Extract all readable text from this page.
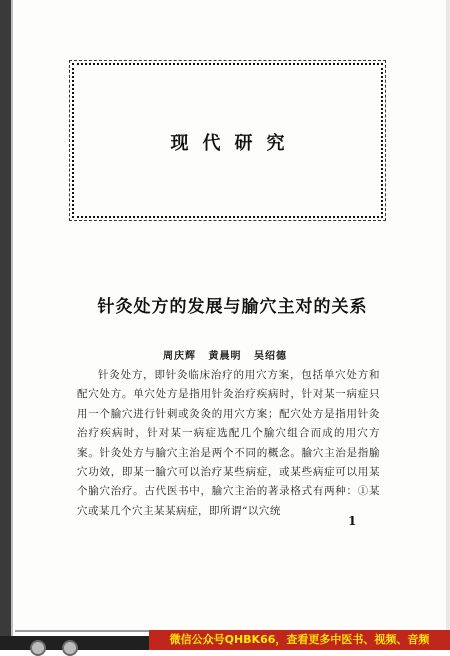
现代研究
针灸处方的发展与腧穴主对的关系
周庆辉 黄晨明 吴绍德

针灸处方，即针灸临床治疗的用穴方案，包括单穴处方和配穴处方。单穴处方是指用针灸治疗疾病时，针对某一病症只用一个腧穴进行针刺或灸灸的用穴方案；配穴处方是指用针灸治疗疾病时，针对某一病症选配几个腧穴组合而成的用穴方案。针灸处方与腧穴主治是两个不同的概念。腧穴主治是指腧穴功效，即某一腧穴可以治疗某些病症，或某些病症可以用某个腧穴治疗。古代医书中，腧穴主治的著录格式有两种：①某穴或某几个穴主某某病症，即所谓“以穴统

1
微信公众号QHBK66，查看更多中医书、视频、音频
